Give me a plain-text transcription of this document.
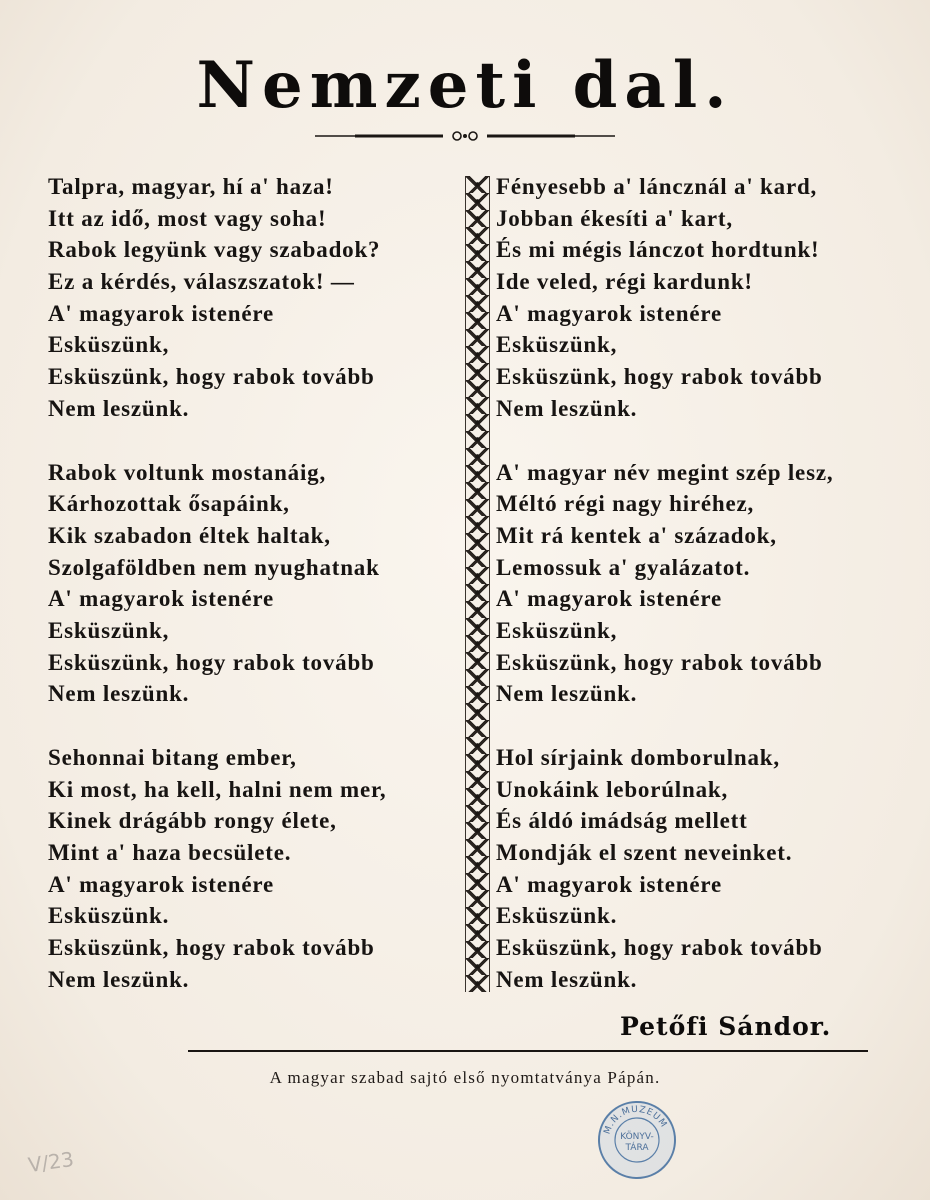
Nemzeti dal.
Talpra, magyar, hí a' haza!
Itt az idő, most vagy soha!
Rabok legyünk vagy szabadok?
Ez a kérdés, válaszszatok! —
A' magyarok istenére
Esküszünk,
Esküszünk, hogy rabok tovább
Nem leszünk.
Rabok voltunk mostanáig,
Kárhozottak ősapáink,
Kik szabadon éltek haltak,
Szolgaföldben nem nyughatnak
A' magyarok istenére
Esküszünk,
Esküszünk, hogy rabok tovább
Nem leszünk.
Sehonnai bitang ember,
Ki most, ha kell, halni nem mer,
Kinek drágább rongy élete,
Mint a' haza becsülete.
A' magyarok istenére
Esküszünk.
Esküszünk, hogy rabok tovább
Nem leszünk.
Fényesebb a' láncznál a' kard,
Jobban ékesíti a' kart,
És mi mégis lánczot hordtunk!
Ide veled, régi kardunk!
A' magyarok istenére
Esküszünk,
Esküszünk, hogy rabok tovább
Nem leszünk.
A' magyar név megint szép lesz,
Méltó régi nagy hiréhez,
Mit rá kentek a' századok,
Lemossuk a' gyalázatot.
A' magyarok istenére
Esküszünk,
Esküszünk, hogy rabok tovább
Nem leszünk.
Hol sírjaink domborulnak,
Unokáink leborúlnak,
És áldó imádság mellett
Mondják el szent neveinket.
A' magyarok istenére
Esküszünk.
Esküszünk, hogy rabok tovább
Nem leszünk.
Petőfi Sándor.
A magyar szabad sajtó első nyomtatványa Pápán.
M.N.MUZEUM
KÖNYV-
TÁRA
V/23
